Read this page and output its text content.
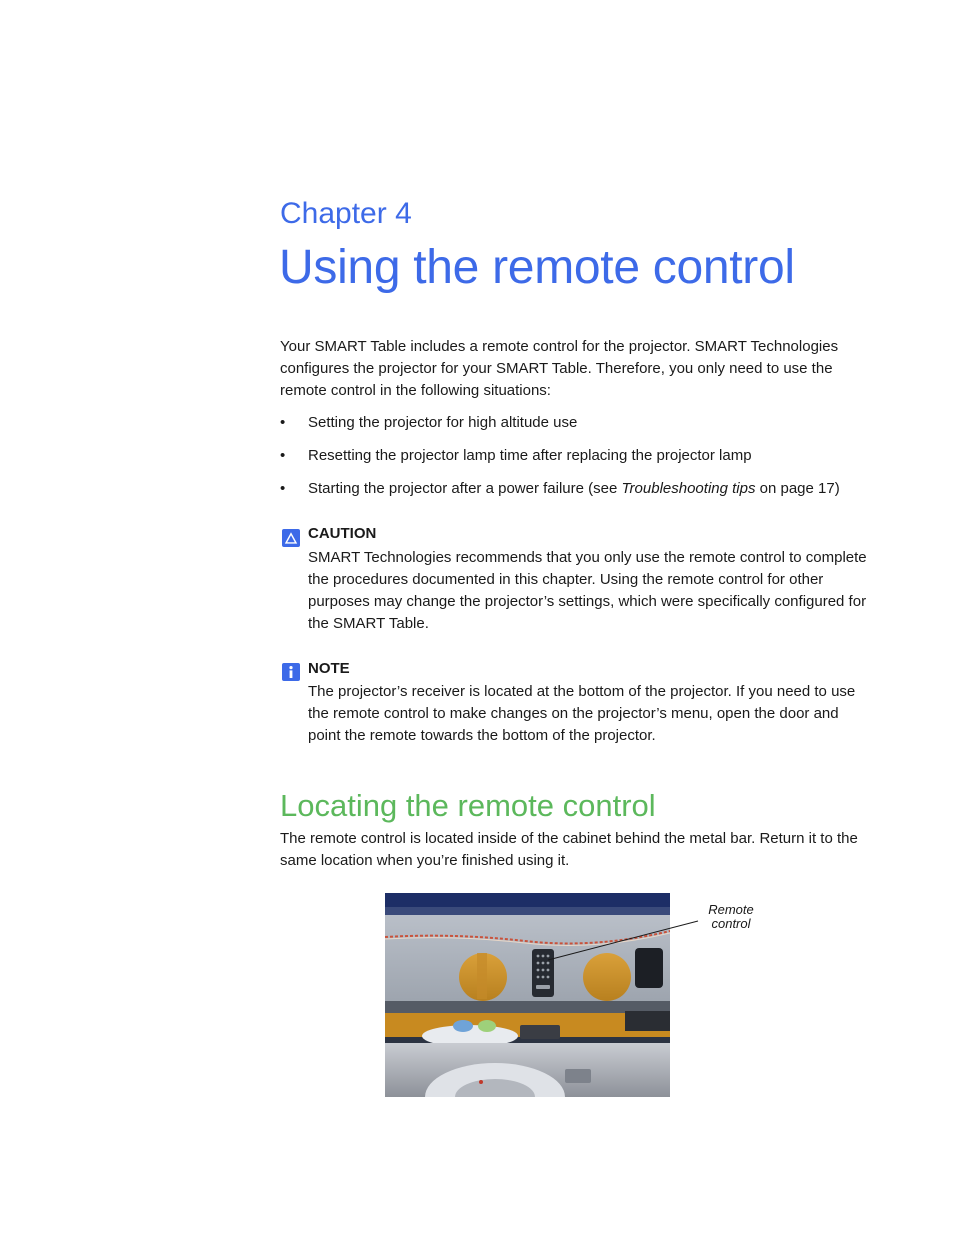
Chapter 4
Using the remote control

Your SMART Table includes a remote control for the projector. SMART Technologies configures the projector for your SMART Table. Therefore, you only need to use the remote control in the following situations:

• Setting the projector for high altitude use
• Resetting the projector lamp time after replacing the projector lamp
• Starting the projector after a power failure (see Troubleshooting tips on page 17)
CAUTION

SMART Technologies recommends that you only use the remote control to complete the procedures documented in this chapter. Using the remote control for other purposes may change the projector’s settings, which were specifically configured for the SMART Table.

NOTE

The projector’s receiver is located at the bottom of the projector. If you need to use the remote control to make changes on the projector’s menu, open the door and point the remote towards the bottom of the projector.

Locating the remote control

The remote control is located inside of the cabinet behind the metal bar. Return it to the same location when you’re finished using it.

Remote
control
